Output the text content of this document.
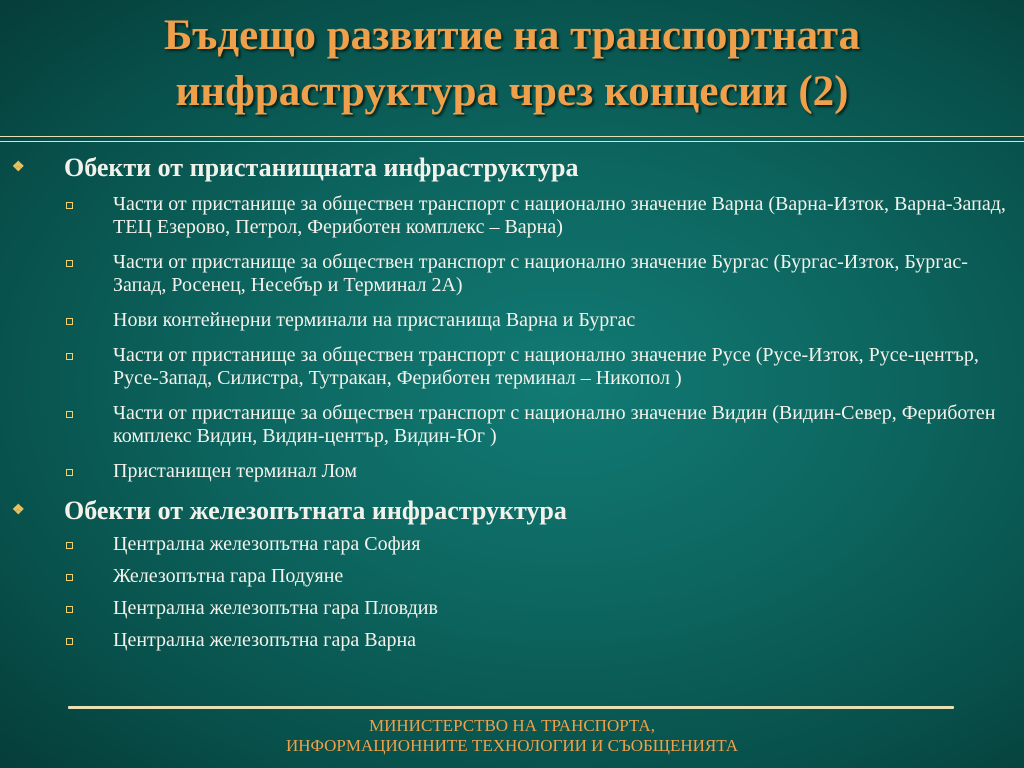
Бъдещо развитие на транспортната
инфраструктура чрез концесии (2)
❖ Обекти от пристанищната инфраструктура
Части от пристанище за обществен транспорт с национално значение Варна (Варна-Изток, Варна-Запад, ТЕЦ Езерово, Петрол, Фериботен комплекс – Варна)
Части от пристанище за обществен транспорт с национално значение Бургас (Бургас-Изток, Бургас-Запад, Росенец, Несебър и Терминал 2А)
Нови контейнерни терминали на пристанища Варна и Бургас
Части от пристанище за обществен транспорт с национално значение Русе (Русе-Изток, Русе-център, Русе-Запад, Силистра, Тутракан, Фериботен терминал – Никопол )
Части от пристанище за обществен транспорт с национално значение Видин (Видин-Север, Фериботен комплекс Видин, Видин-център, Видин-Юг )
Пристанищен терминал Лом
❖ Обекти от железопътната инфраструктура
Централна железопътна гара София
Железопътна гара Подуяне
Централна железопътна гара Пловдив
Централна железопътна гара Варна
МИНИСТЕРСТВО НА ТРАНСПОРТА,
ИНФОРМАЦИОННИТЕ ТЕХНОЛОГИИ И СЪОБЩЕНИЯТА
